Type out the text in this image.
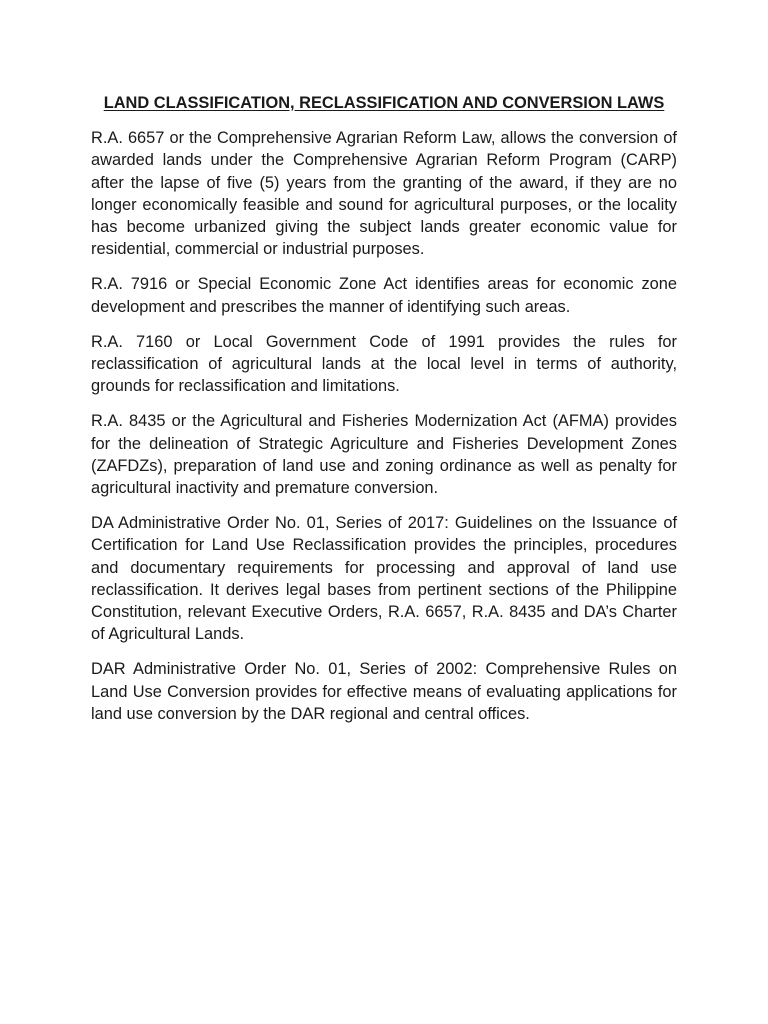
LAND CLASSIFICATION, RECLASSIFICATION AND CONVERSION LAWS

R.A. 6657 or the Comprehensive Agrarian Reform Law, allows the conversion of awarded lands under the Comprehensive Agrarian Reform Program (CARP) after the lapse of five (5) years from the granting of the award, if they are no longer economically feasible and sound for agricultural purposes, or the locality has become urbanized giving the subject lands greater economic value for residential, commercial or industrial purposes.

R.A. 7916 or Special Economic Zone Act identifies areas for economic zone development and prescribes the manner of identifying such areas.

R.A. 7160 or Local Government Code of 1991 provides the rules for reclassification of agricultural lands at the local level in terms of authority, grounds for reclassification and limitations.

R.A. 8435 or the Agricultural and Fisheries Modernization Act (AFMA) provides for the delineation of Strategic Agriculture and Fisheries Development Zones (ZAFDZs), preparation of land use and zoning ordinance as well as penalty for agricultural inactivity and premature conversion.

DA Administrative Order No. 01, Series of 2017: Guidelines on the Issuance of Certification for Land Use Reclassification provides the principles, procedures and documentary requirements for processing and approval of land use reclassification. It derives legal bases from pertinent sections of the Philippine Constitution, relevant Executive Orders, R.A. 6657, R.A. 8435 and DA’s Charter of Agricultural Lands.

DAR Administrative Order No. 01, Series of 2002: Comprehensive Rules on Land Use Conversion provides for effective means of evaluating applications for land use conversion by the DAR regional and central offices.
